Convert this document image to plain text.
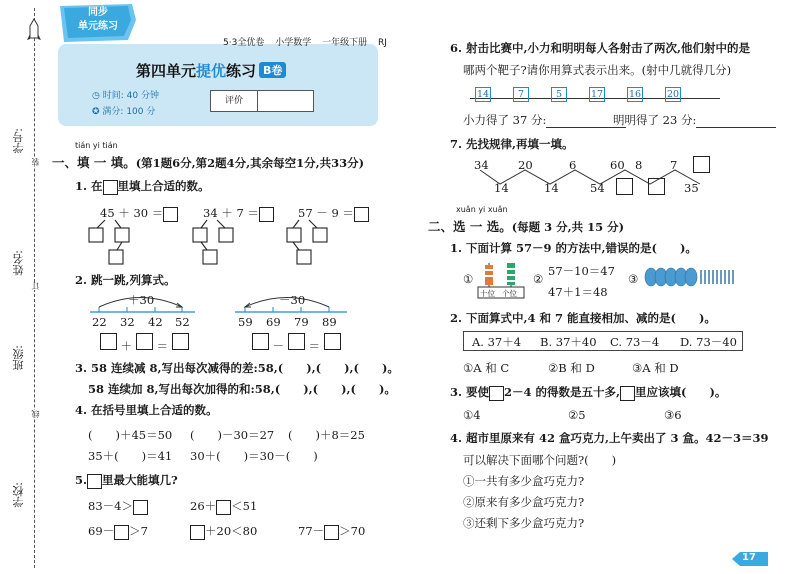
学号:
姓名:
班级:
学校:
装
订
线
同步
单元练习
5·3全优卷 小学数学 一年级下册 RJ
第四单元提优练习 B卷
◷ 时间: 40 分钟
✪ 满分: 100 分
评价
tián yi tián
一、填 一 填。(第1题6分,第2题4分,其余每空1分,共33分)
1. 在 里填上合适的数。
45 ＋ 30 ＝	34 ＋ 7 ＝	57 － 9 ＝
2. 跳一跳,列算式。
＋30	－30
22 32 42 52	59 69 79 89
＋  ＝	－  ＝
3. 58 连续减 8,写出每次减得的差:58,(　　),(　　),(　　)。
58 连续加 8,写出每次加得的和:58,(　　),(　　),(　　)。
4. 在括号里填上合适的数。
(　　)＋45＝50 (　　)－30＝27 (　　)＋8＝25
35＋(　　)＝41 30＋(　　)＝30－(　　)
5. 里最大能填几?
83－4＞	26＋ ＜51
69－ ＞7	＋20＜80	77－ ＞70
6. 射击比赛中,小力和明明每人各射击了两次,他们射中的是
哪两个靶子?请你用算式表示出来。(射中几就得几分)
14	7	5	17	16	20
小力得了 37 分:	明明得了 23 分:
7. 先找规律,再填一填。
34	20	6	60 8 7
14	14	54	35
xuǎn yi xuǎn
二、选 一 选。(每题 3 分,共 15 分)
1. 下面计算 57－9 的方法中,错误的是(　　)。
①
十位 个位
②
57－10＝47
47＋1＝48
③
2. 下面算式中,4 和 7 能直接相加、减的是(　　)。
A. 37＋4 B. 37＋40 C. 73－4 D. 73－40
①A 和 C	②B 和 D	③A 和 D
3. 要使 2－4 的得数是五十多, 里应该填(　　)。
①4	②5	③6
4. 超市里原来有 42 盒巧克力,上午卖出了 3 盒。42－3＝39
可以解决下面哪个问题?(　　)
①一共有多少盒巧克力?
②原来有多少盒巧克力?
③还剩下多少盒巧克力?
17
